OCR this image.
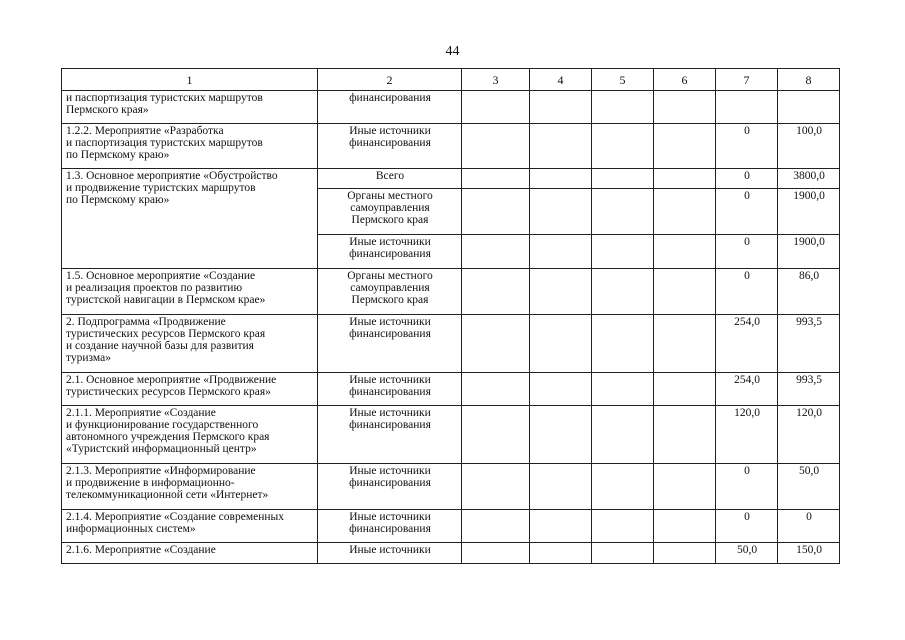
44
1	2	3	4	5	6	7	8

и паспортизация туристских маршрутов
Пермского края»	финансирования						

1.2.2. Мероприятие «Разработка
и паспортизация туристских маршрутов
по Пермскому краю»	Иные источники
финансирования					0	100,0

1.3. Основное мероприятие «Обустройство
и продвижение туристских маршрутов
по Пермскому краю»	Всего					0	3800,0

	Органы местного
самоуправления
Пермского края					0	1900,0

	Иные источники
финансирования					0	1900,0

1.5. Основное мероприятие «Создание
и реализация проектов по развитию
туристской навигации в Пермском крае»	Органы местного
самоуправления
Пермского края					0	86,0

2. Подпрограмма «Продвижение
туристических ресурсов Пермского края
и создание научной базы для развития
туризма»	Иные источники
финансирования					254,0	993,5

2.1. Основное мероприятие «Продвижение
туристических ресурсов Пермского края»	Иные источники
финансирования					254,0	993,5

2.1.1. Мероприятие «Создание
и функционирование государственного
автономного учреждения Пермского края
«Туристский информационный центр»	Иные источники
финансирования					120,0	120,0

2.1.3. Мероприятие «Информирование
и продвижение в информационно-
телекоммуникационной сети «Интернет»	Иные источники
финансирования					0	50,0

2.1.4. Мероприятие «Создание современных
информационных систем»	Иные источники
финансирования					0	0

2.1.6. Мероприятие «Создание	Иные источники					50,0	150,0
